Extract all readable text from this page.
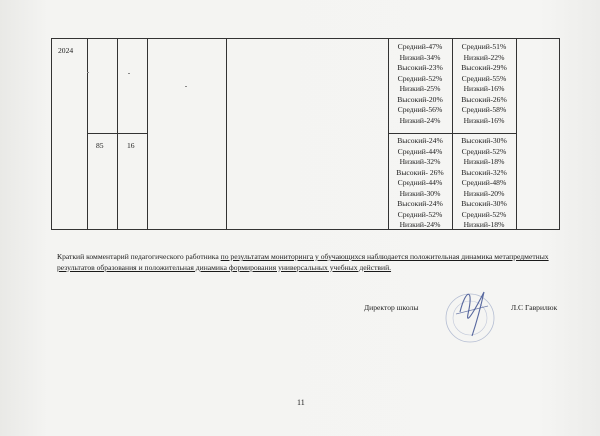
2024
85	16
Средний-47%
Низкий-34%
Высокий-23%
Средний-52%
Низкий-25%
Высокий-20%
Средний-56%
Низкий-24%
Средний-51%
Низкий-22%
Высокий-29%
Средний-55%
Низкий-16%
Высокий-26%
Средний-58%
Низкий-16%
Высокий-24%
Средний-44%
Низкий-32%
Высокий- 26%
Средний-44%
Низкий-30%
Высокий-24%
Средний-52%
Низкий-24%
Высокий-30%
Средний-52%
Низкий-18%
Высокий-32%
Средний-48%
Низкий-20%
Высокий-30%
Средний-52%
Низкий-18%
Краткий комментарий педагогического работника по результатам мониторинга у обучающихся наблюдается положительная динамика метапредметных результатов образования и положительная динамика формирования универсальных учебных действий.
Директор школы	Л.С Гаврилюк
11
